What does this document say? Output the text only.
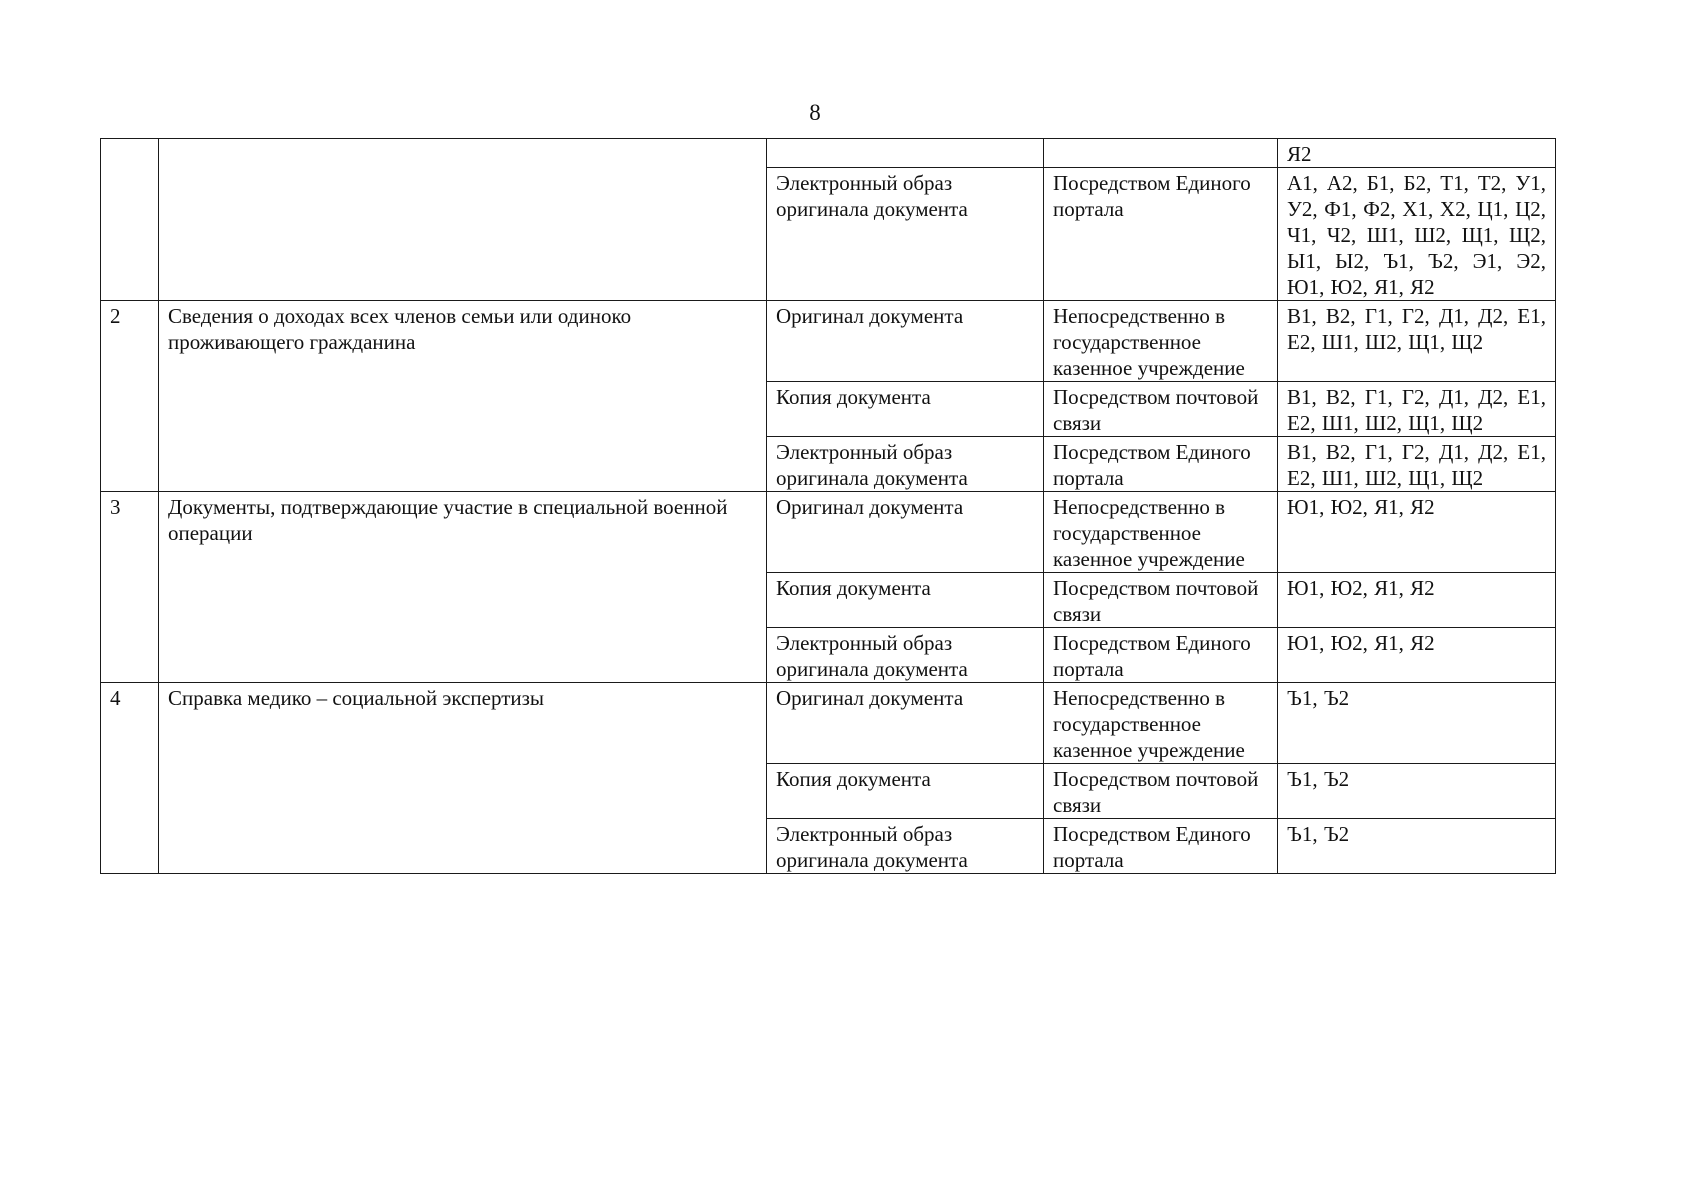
8
				Я2
		Электронный образ оригинала документа	Посредством Единого портала	А1, А2, Б1, Б2, Т1, Т2, У1, У2, Ф1, Ф2, Х1, Х2, Ц1, Ц2, Ч1, Ч2, Ш1, Ш2, Щ1, Щ2, Ы1, Ы2, Ъ1, Ъ2, Э1, Э2, Ю1, Ю2, Я1, Я2
2	Сведения о доходах всех членов семьи или одиноко проживающего гражданина	Оригинал документа	Непосредственно в государственное казенное учреждение	В1, В2, Г1, Г2, Д1, Д2, Е1, Е2, Ш1, Ш2, Щ1, Щ2
		Копия документа	Посредством почтовой связи	В1, В2, Г1, Г2, Д1, Д2, Е1, Е2, Ш1, Ш2, Щ1, Щ2
		Электронный образ оригинала документа	Посредством Единого портала	В1, В2, Г1, Г2, Д1, Д2, Е1, Е2, Ш1, Ш2, Щ1, Щ2
3	Документы, подтверждающие участие в специальной военной операции	Оригинал документа	Непосредственно в государственное казенное учреждение	Ю1, Ю2, Я1, Я2
		Копия документа	Посредством почтовой связи	Ю1, Ю2, Я1, Я2
		Электронный образ оригинала документа	Посредством Единого портала	Ю1, Ю2, Я1, Я2
4	Справка медико – социальной экспертизы	Оригинал документа	Непосредственно в государственное казенное учреждение	Ъ1, Ъ2
		Копия документа	Посредством почтовой связи	Ъ1, Ъ2
		Электронный образ оригинала документа	Посредством Единого портала	Ъ1, Ъ2
